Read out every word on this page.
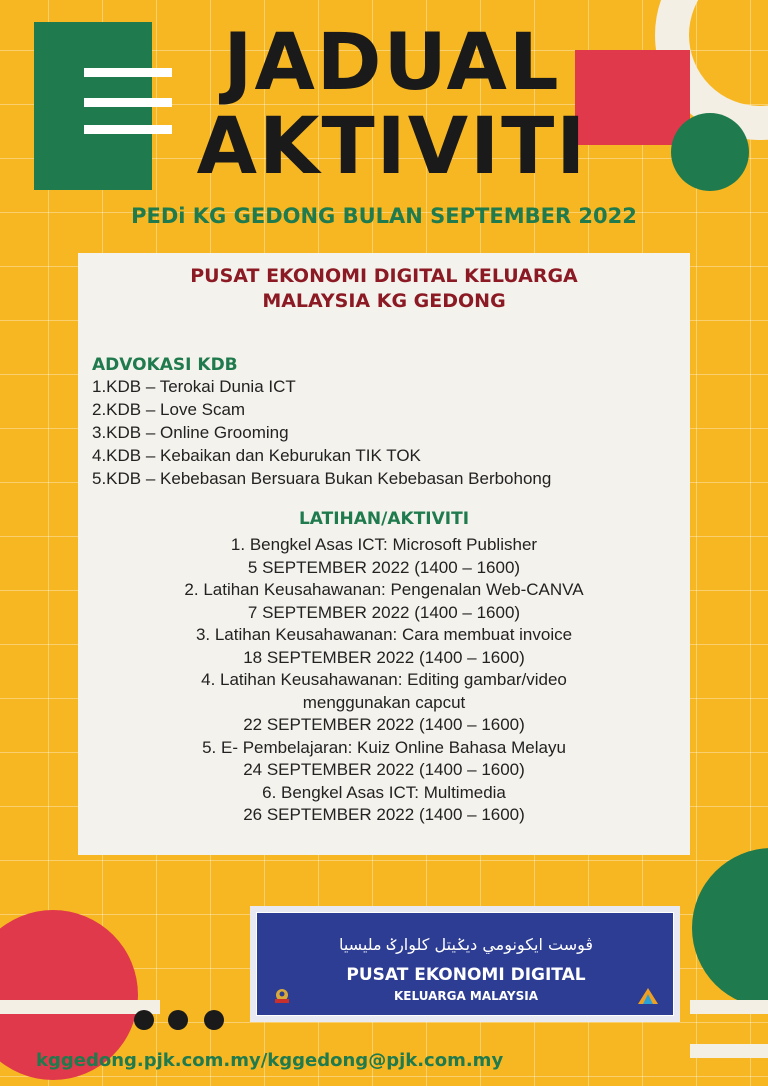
JADUAL
AKTIVITI
PEDi KG GEDONG BULAN SEPTEMBER 2022
PUSAT EKONOMI DIGITAL KELUARGA
MALAYSIA KG GEDONG
ADVOKASI KDB
1.KDB – Terokai Dunia ICT
2.KDB – Love Scam
3.KDB – Online Grooming
4.KDB – Kebaikan dan Keburukan TIK TOK
5.KDB – Kebebasan Bersuara Bukan Kebebasan Berbohong
LATIHAN/AKTIVITI
1. Bengkel Asas ICT: Microsoft Publisher
5 SEPTEMBER 2022 (1400 – 1600)
2. Latihan Keusahawanan: Pengenalan Web-CANVA
7 SEPTEMBER 2022 (1400 – 1600)
3. Latihan Keusahawanan: Cara membuat invoice
18 SEPTEMBER 2022 (1400 – 1600)
4. Latihan Keusahawanan: Editing gambar/video
menggunakan capcut
22 SEPTEMBER 2022 (1400 – 1600)
5. E- Pembelajaran: Kuiz Online Bahasa Melayu
24 SEPTEMBER 2022 (1400 – 1600)
6. Bengkel Asas ICT: Multimedia
26 SEPTEMBER 2022 (1400 – 1600)
ڤوست ايكونومي ديݢيتل كلوارݢ مليسيا
PUSAT EKONOMI DIGITAL
KELUARGA MALAYSIA
kggedong.pjk.com.my/kggedong@pjk.com.my
